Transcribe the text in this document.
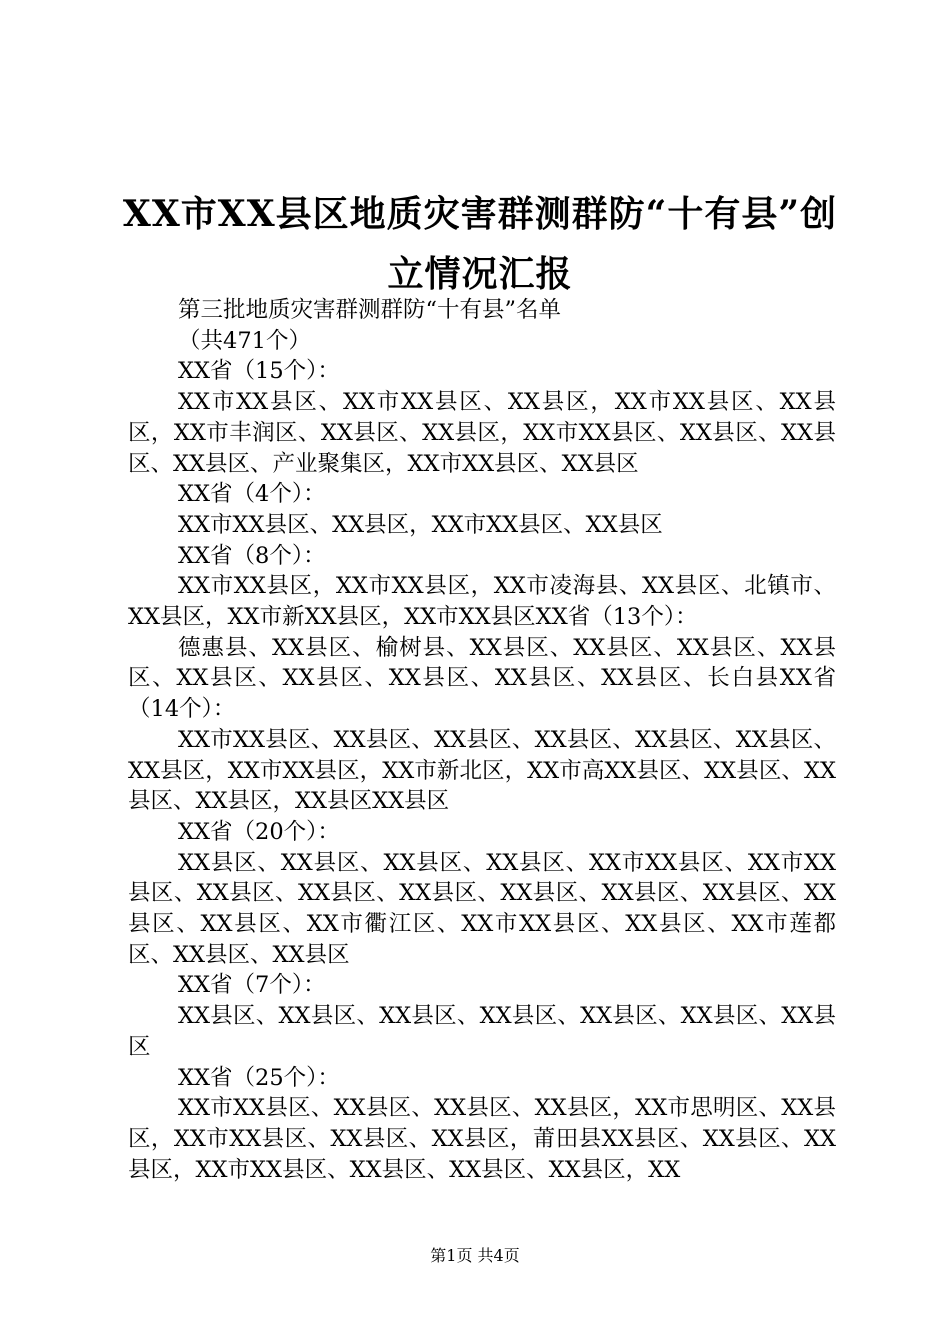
XX市XX县区地质灾害群测群防“十有县”创
立情况汇报

第三批地质灾害群测群防“十有县”名单

（共471个）

XX省（15个）：

XX市XX县区、XX市XX县区、XX县区，XX市XX县区、XX县区，XX市丰润区、XX县区、XX县区，XX市XX县区、XX县区、XX县区、XX县区、产业聚集区，XX市XX县区、XX县区

XX省（4个）：

XX市XX县区、XX县区，XX市XX县区、XX县区

XX省（8个）：

XX市XX县区，XX市XX县区，XX市凌海县、XX县区、北镇市、XX县区，XX市新XX县区，XX市XX县区XX省（13个）：

德惠县、XX县区、榆树县、XX县区、XX县区、XX县区、XX县区、XX县区、XX县区、XX县区、XX县区、XX县区、长白县XX省（14个）：

XX市XX县区、XX县区、XX县区、XX县区、XX县区、XX县区、XX县区，XX市XX县区，XX市新北区，XX市高XX县区、XX县区、XX县区、XX县区，XX县区XX县区

XX省（20个）：

XX县区、XX县区、XX县区、XX县区、XX市XX县区、XX市XX县区、XX县区、XX县区、XX县区、XX县区、XX县区、XX县区、XX县区、XX县区、XX市衢江区、XX市XX县区、XX县区、XX市莲都区、XX县区、XX县区

XX省（7个）：

XX县区、XX县区、XX县区、XX县区、XX县区、XX县区、XX县区

XX省（25个）：

XX市XX县区、XX县区、XX县区、XX县区，XX市思明区、XX县区，XX市XX县区、XX县区、XX县区，莆田县XX县区、XX县区、XX县区，XX市XX县区、XX县区、XX县区、XX县区，XX

第1页 共4页
